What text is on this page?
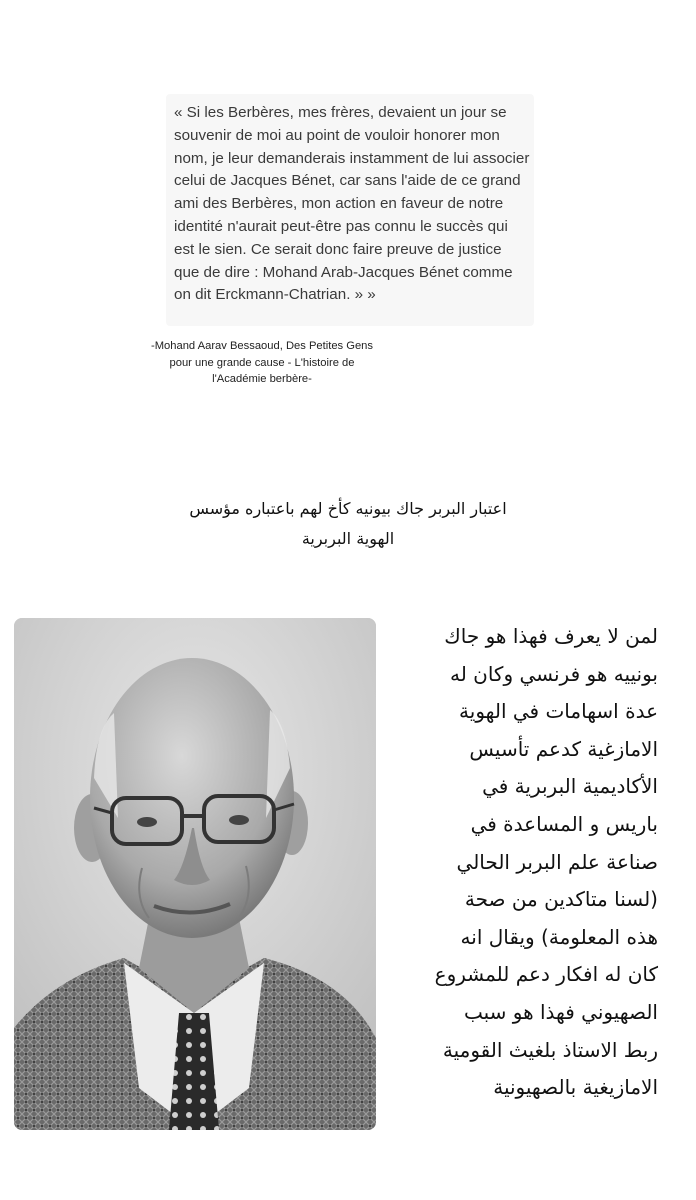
« Si les Berbères, mes frères, devaient un jour se souvenir de moi au point de vouloir honorer mon nom, je leur demanderais instamment de lui associer celui de Jacques Bénet, car sans l'aide de ce grand ami des Berbères, mon action en faveur de notre identité n'aurait peut-être pas connu le succès qui est le sien. Ce serait donc faire preuve de justice que de dire : Mohand Arab-Jacques Bénet comme on dit Erckmann-Chatrian. » »

-Mohand Aarav Bessaoud, Des Petites Gens
pour une grande cause - L'histoire de
l'Académie berbère-
اعتبار البربر جاك بيونيه كأخ لهم باعتباره مؤسس
الهوية البربرية
لمن لا يعرف فهذا هو جاك
بونييه هو فرنسي وكان له
عدة اسهامات في الهوية
الامازغية كدعم تأسيس
الأكاديمية البربرية في
باريس و المساعدة في
صناعة علم البربر الحالي
(لسنا متاكدين من صحة
هذه المعلومة) ويقال انه
كان له افكار دعم للمشروع
الصهيوني فهذا هو سبب
ربط الاستاذ بلغيث القومية
الامازيغية بالصهيونية
